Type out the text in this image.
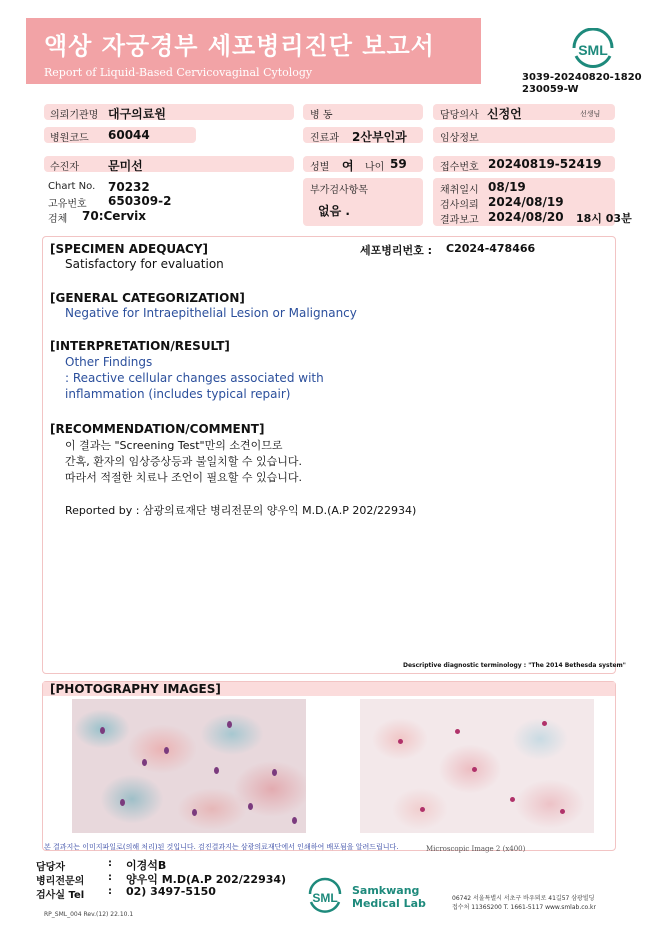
액상 자궁경부 세포병리진단 보고서
Report of Liquid-Based Cervicovaginal Cytology
SML
3039-20240820-1820
230059-W
의뢰기관명 대구의료원	병 동	담당의사 신정언	선생님
병원코드 60044	진료과 2산부인과	임상정보
수진자 문미선	성별 여 나이 59	접수번호 20240819-52419
Chart No. 70232
고유번호 650309-2
검체 70:Cervix
부가검사항목
없음 .
채취일시 08/19
검사의뢰 2024/08/19
결과보고 2024/08/20 18시 03분
[SPECIMEN ADEQUACY]	세포병리번호 : C2024-478466
Satisfactory for evaluation
[GENERAL CATEGORIZATION]
Negative for Intraepithelial Lesion or Malignancy
[INTERPRETATION/RESULT]
Other Findings
: Reactive cellular changes associated with
inflammation (includes typical repair)
[RECOMMENDATION/COMMENT]
이 결과는 "Screening Test"만의 소견이므로
간혹, 환자의 임상증상등과 불일치할 수 있습니다.
따라서 적절한 치료나 조언이 필요할 수 있습니다.
Reported by : 삼광의료재단 병리전문의 양우익 M.D.(A.P 202/22934)
Descriptive diagnostic terminology : "The 2014 Bethesda system"
[PHOTOGRAPHY IMAGES]
본 결과지는 이미지파일로(의해 처리)된 것입니다. 검진결과지는 삼광의료재단에서 인쇄하여 배포됨을 알려드립니다.	Microscopic Image 2 (x400)
담당자	: 이경석B
병리전문의 : 양우익 M.D(A.P 202/22934)
검사실 Tel : 02) 3497-5150	SML
Samkwang
Medical Lab	06742 서울특별시 서초구 바우뫼로 41길57 삼광빌딩
접수처 1136S200 T. 1661-5117 www.smlab.co.kr
RP_SML_004 Rev.(12) 22.10.1
